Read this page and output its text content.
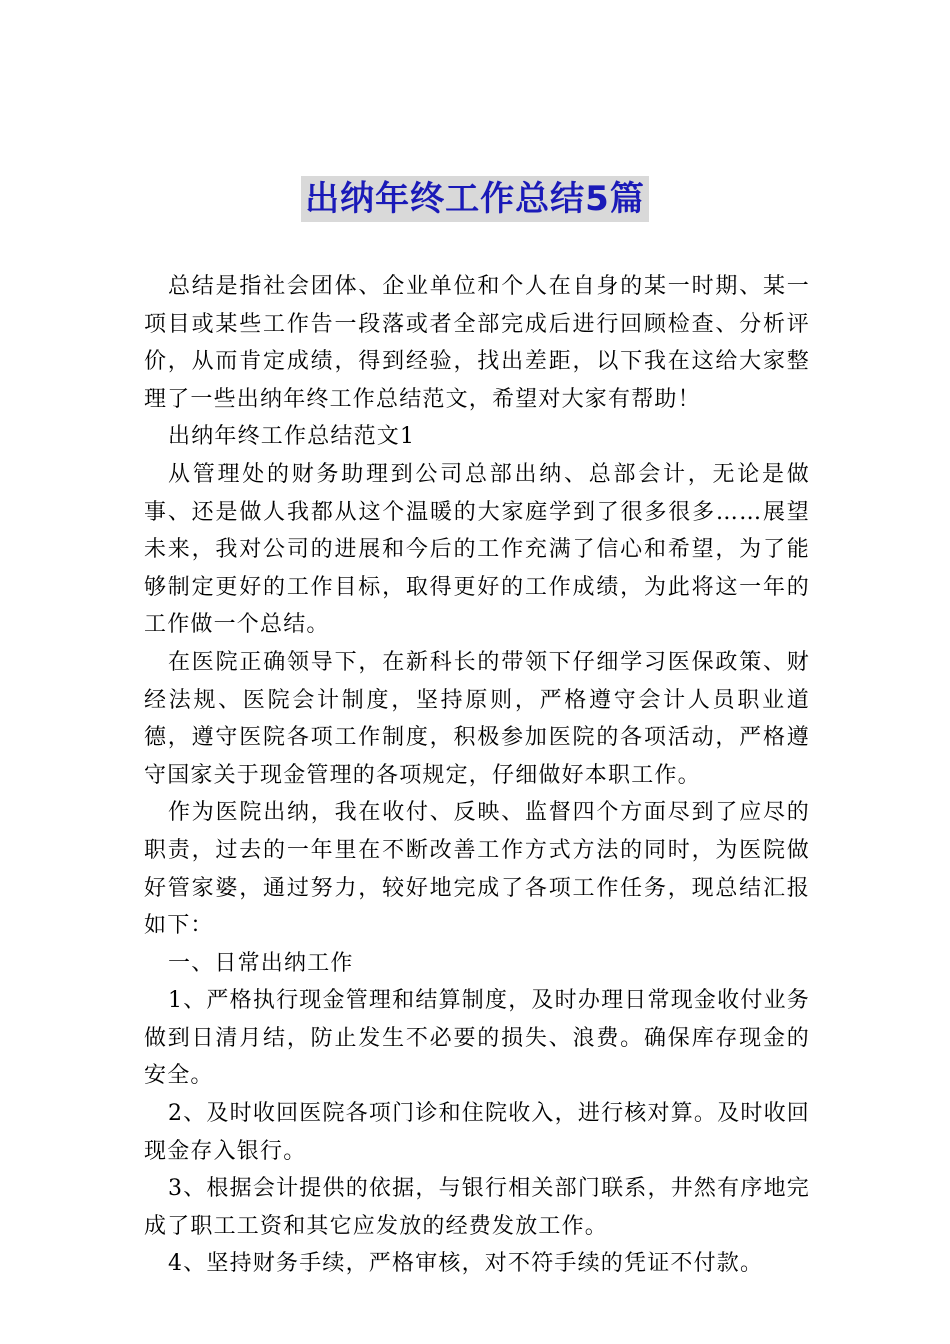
出纳年终工作总结5篇

总结是指社会团体、企业单位和个人在自身的某一时期、某一项目或某些工作告一段落或者全部完成后进行回顾检查、分析评价，从而肯定成绩，得到经验，找出差距，以下我在这给大家整理了一些出纳年终工作总结范文，希望对大家有帮助！

出纳年终工作总结范文1

从管理处的财务助理到公司总部出纳、总部会计，无论是做事、还是做人我都从这个温暖的大家庭学到了很多很多……展望未来，我对公司的进展和今后的工作充满了信心和希望，为了能够制定更好的工作目标，取得更好的工作成绩，为此将这一年的工作做一个总结。

在医院正确领导下，在新科长的带领下仔细学习医保政策、财经法规、医院会计制度，坚持原则，严格遵守会计人员职业道德，遵守医院各项工作制度，积极参加医院的各项活动，严格遵守国家关于现金管理的各项规定，仔细做好本职工作。

作为医院出纳，我在收付、反映、监督四个方面尽到了应尽的职责，过去的一年里在不断改善工作方式方法的同时，为医院做好管家婆，通过努力，较好地完成了各项工作任务，现总结汇报如下：

一、日常出纳工作

1、严格执行现金管理和结算制度，及时办理日常现金收付业务做到日清月结，防止发生不必要的损失、浪费。确保库存现金的安全。

2、及时收回医院各项门诊和住院收入，进行核对算。及时收回现金存入银行。

3、根据会计提供的依据，与银行相关部门联系，井然有序地完成了职工工资和其它应发放的经费发放工作。

4、坚持财务手续，严格审核，对不符手续的凭证不付款。
